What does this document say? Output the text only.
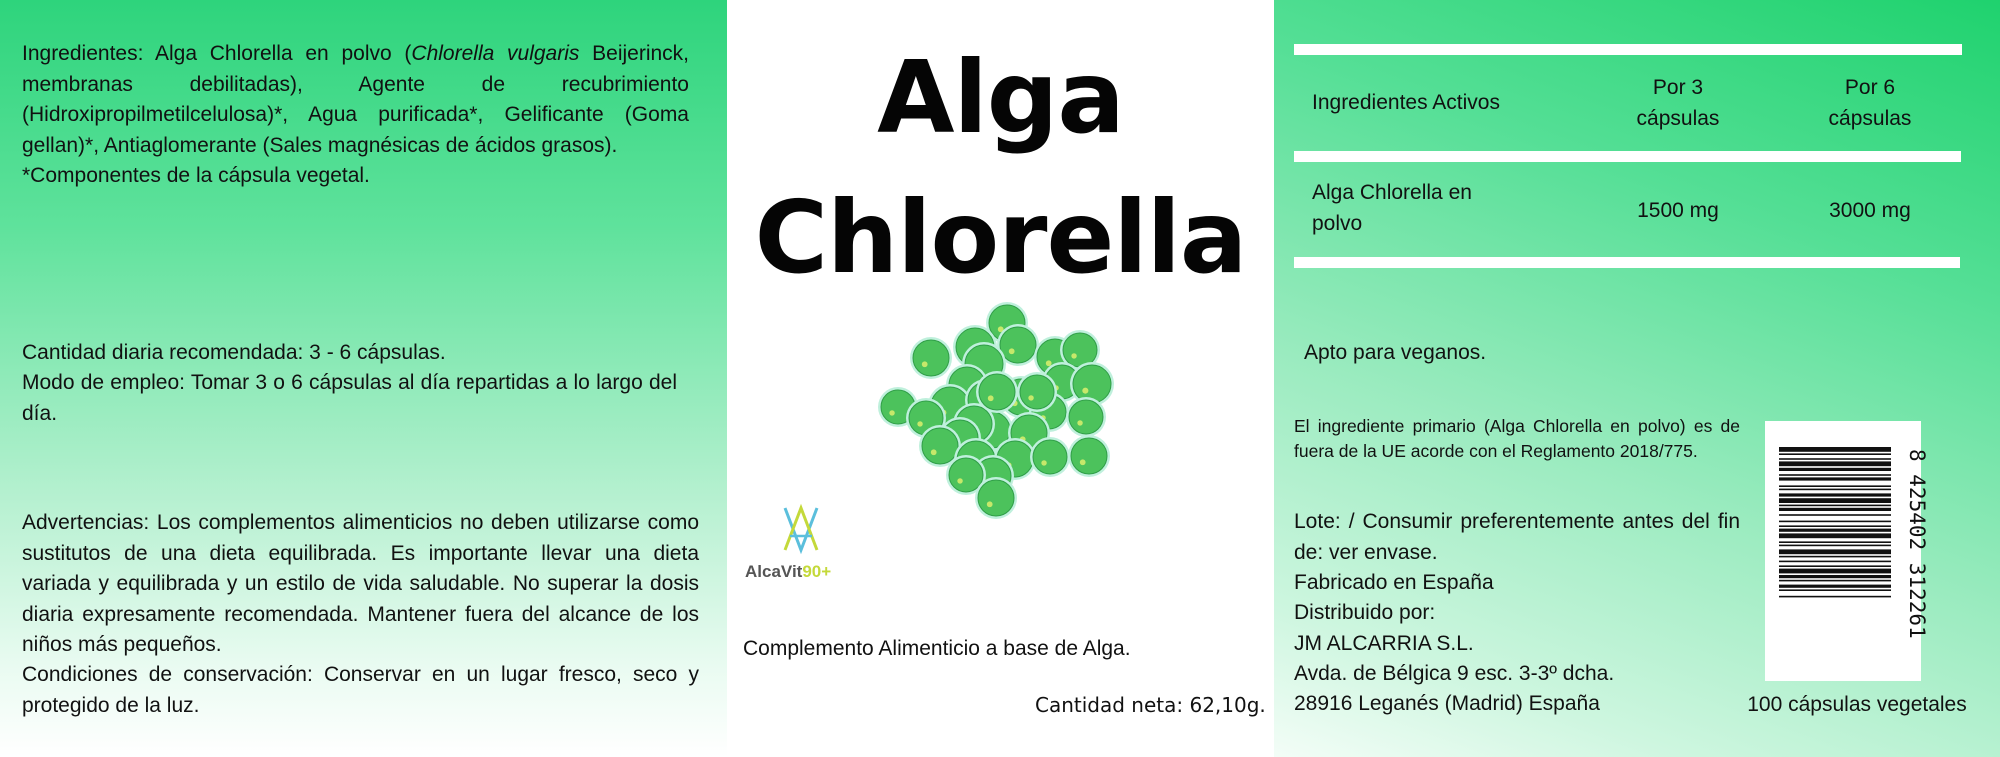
Ingredientes: Alga Chlorella en polvo (Chlorella vulgaris Beijerinck, membranas debilitadas), Agente de recubrimiento (Hidroxipropilmetilcelulosa)*, Agua purificada*, Gelificante (Goma gellan)*, Antiaglomerante (Sales magnésicas de ácidos grasos).
*Componentes de la cápsula vegetal.
Cantidad diaria recomendada: 3 - 6 cápsulas.
Modo de empleo: Tomar 3 o 6 cápsulas al día repartidas a lo largo del día.
Advertencias: Los complementos alimenticios no deben utilizarse como sustitutos de una dieta equilibrada. Es importante llevar una dieta variada y equilibrada y un estilo de vida saludable. No superar la dosis diaria expresamente recomendada. Mantener fuera del alcance de los niños más pequeños.
Condiciones de conservación: Conservar en un lugar fresco, seco y protegido de la luz.
Alga
Chlorella
AlcaVit90+
Complemento Alimenticio a base de Alga.
Cantidad neta: 62,10g.
Ingredientes Activos
Por 3 cápsulas
Por 6 cápsulas
Alga Chlorella en polvo
1500 mg	3000 mg
Apto para veganos.
El ingrediente primario (Alga Chlorella en polvo) es de fuera de la UE acorde con el Reglamento 2018/775.
Lote: / Consumir preferentemente antes del fin de: ver envase.
Fabricado en España
Distribuido por:
JM ALCARRIA S.L.
Avda. de Bélgica 9 esc. 3-3º dcha.
28916 Leganés (Madrid) España
8 425402 312261
100 cápsulas vegetales
